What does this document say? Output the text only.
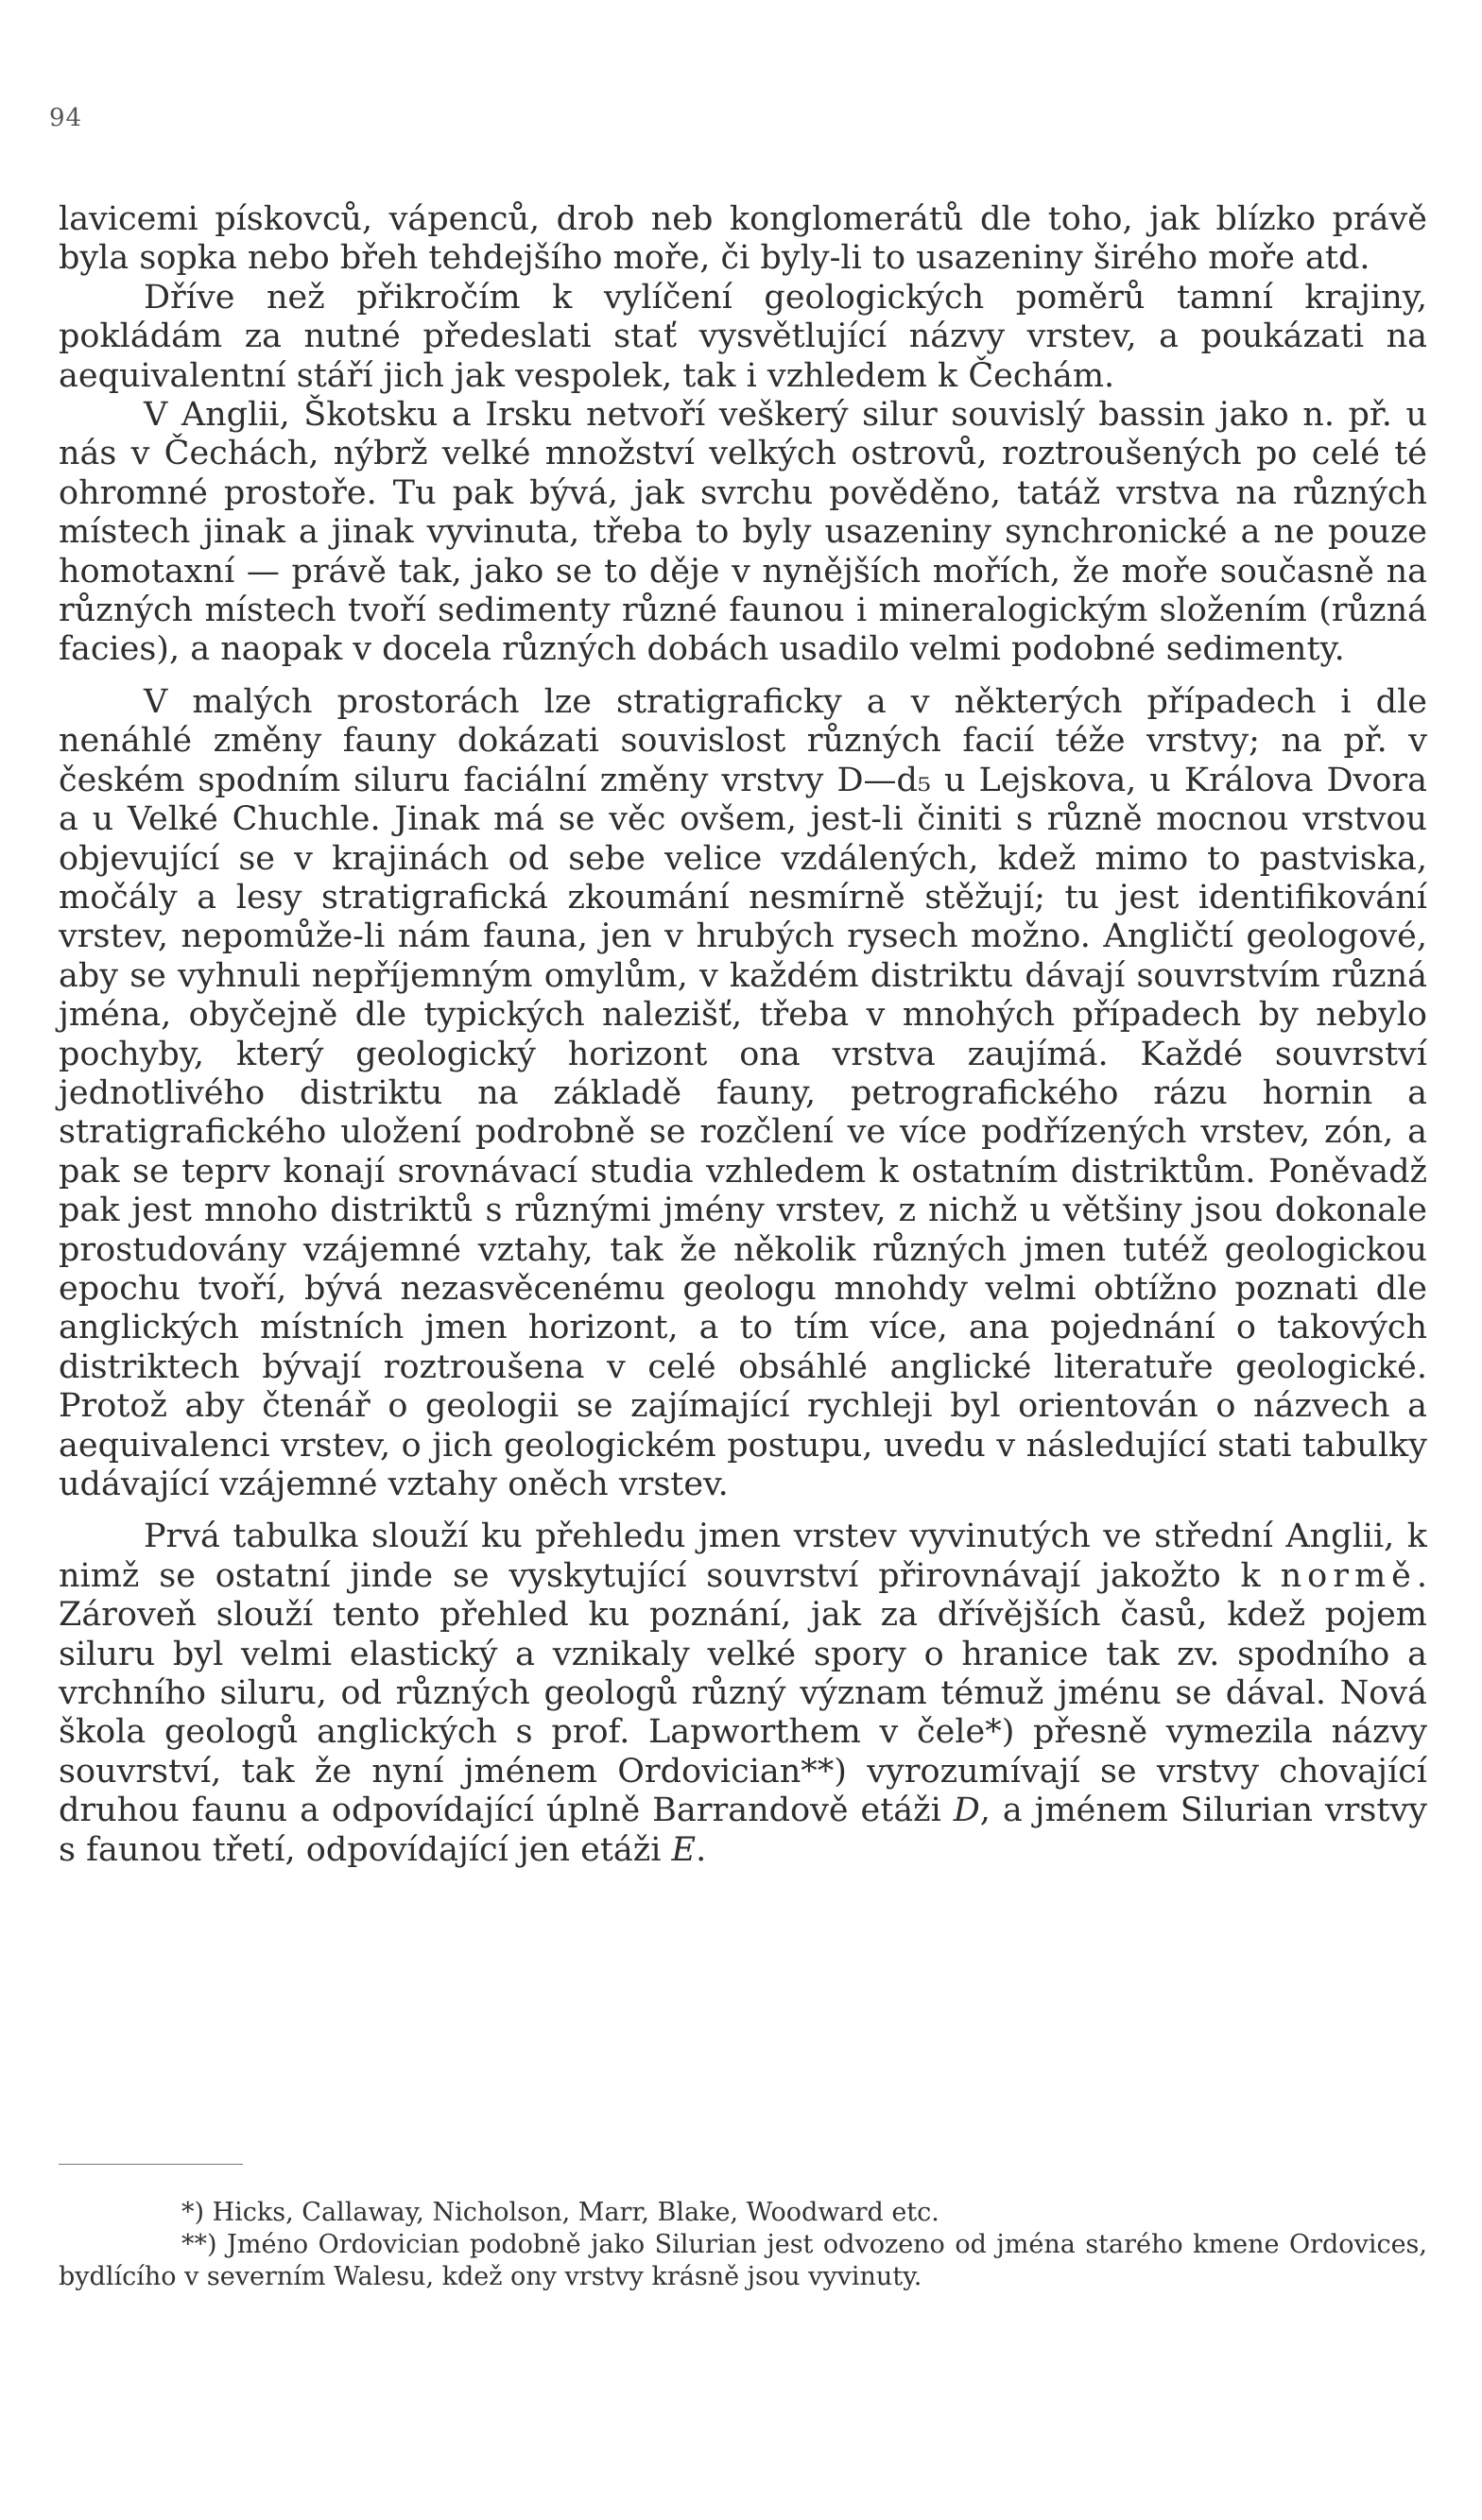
94

lavicemi pískovců, vápenců, drob neb konglomerátů dle toho, jak blízko právě byla sopka nebo břeh tehdejšího moře, či byly-li to usazeniny širého moře atd.

Dříve než přikročím k vylíčení geologických poměrů tamní krajiny, pokládám za nutné předeslati stať vysvětlující názvy vrstev, a poukázati na aequivalentní stáří jich jak vespolek, tak i vzhledem k Čechám.

V Anglii, Škotsku a Irsku netvoří veškerý silur souvislý bassin jako n. př. u nás v Čechách, nýbrž velké množství velkých ostrovů, roztroušených po celé té ohromné prostoře. Tu pak bývá, jak svrchu pověděno, tatáž vrstva na různých místech jinak a jinak vyvinuta, třeba to byly usazeniny synchronické a ne pouze homotaxní — právě tak, jako se to děje v nynějších mořích, že moře současně na různých místech tvoří sedimenty různé faunou i mineralogickým složením (různá facies), a naopak v docela různých dobách usadilo velmi podobné sedimenty.

V malých prostorách lze stratigraficky a v některých případech i dle nenáhlé změny fauny dokázati souvislost různých facií téže vrstvy; na př. v českém spodním siluru faciální změny vrstvy D—d₅ u Lejskova, u Králova Dvora a u Velké Chuchle. Jinak má se věc ovšem, jest-li činiti s různě mocnou vrstvou objevující se v krajinách od sebe velice vzdálených, kdež mimo to pastviska, močály a lesy stratigrafická zkoumání nesmírně stěžují; tu jest identifikování vrstev, nepomůže-li nám fauna, jen v hrubých rysech možno. Angličtí geologové, aby se vyhnuli nepříjemným omylům, v každém distriktu dávají souvrstvím různá jména, obyčejně dle typických nalezišť, třeba v mnohých případech by nebylo pochyby, který geologický horizont ona vrstva zaujímá. Každé souvrství jednotlivého distriktu na základě fauny, petrografického rázu hornin a stratigrafického uložení podrobně se rozčlení ve více podřízených vrstev, zón, a pak se teprv konají srovnávací studia vzhledem k ostatním distriktům. Poněvadž pak jest mnoho distriktů s různými jmény vrstev, z nichž u většiny jsou dokonale prostudovány vzájemné vztahy, tak že několik různých jmen tutéž geologickou epochu tvoří, bývá nezasvěcenému geologu mnohdy velmi obtížno poznati dle anglických místních jmen horizont, a to tím více, ana pojednání o takových distriktech bývají roztroušena v celé obsáhlé anglické literatuře geologické. Protož aby čtenář o geologii se zajímající rychleji byl orientován o názvech a aequivalenci vrstev, o jich geologickém postupu, uvedu v následující stati tabulky udávající vzájemné vztahy oněch vrstev.

Prvá tabulka slouží ku přehledu jmen vrstev vyvinutých ve střední Anglii, k nimž se ostatní jinde se vyskytující souvrství přirovnávají jakožto k normě. Zároveň slouží tento přehled ku poznání, jak za dřívějších časů, kdež pojem siluru byl velmi elastický a vznikaly velké spory o hranice tak zv. spodního a vrchního siluru, od různých geologů různý význam témuž jménu se dával. Nová škola geologů anglických s prof. Lapworthem v čele*) přesně vymezila názvy souvrství, tak že nyní jménem Ordovician**) vyrozumívají se vrstvy chovající druhou faunu a odpovídající úplně Barrandově etáži D, a jménem Silurian vrstvy s faunou třetí, odpovídající jen etáži E.

*) Hicks, Callaway, Nicholson, Marr, Blake, Woodward etc.

**) Jméno Ordovician podobně jako Silurian jest odvozeno od jména starého kmene Ordovices, bydlícího v severním Walesu, kdež ony vrstvy krásně jsou vyvinuty.
